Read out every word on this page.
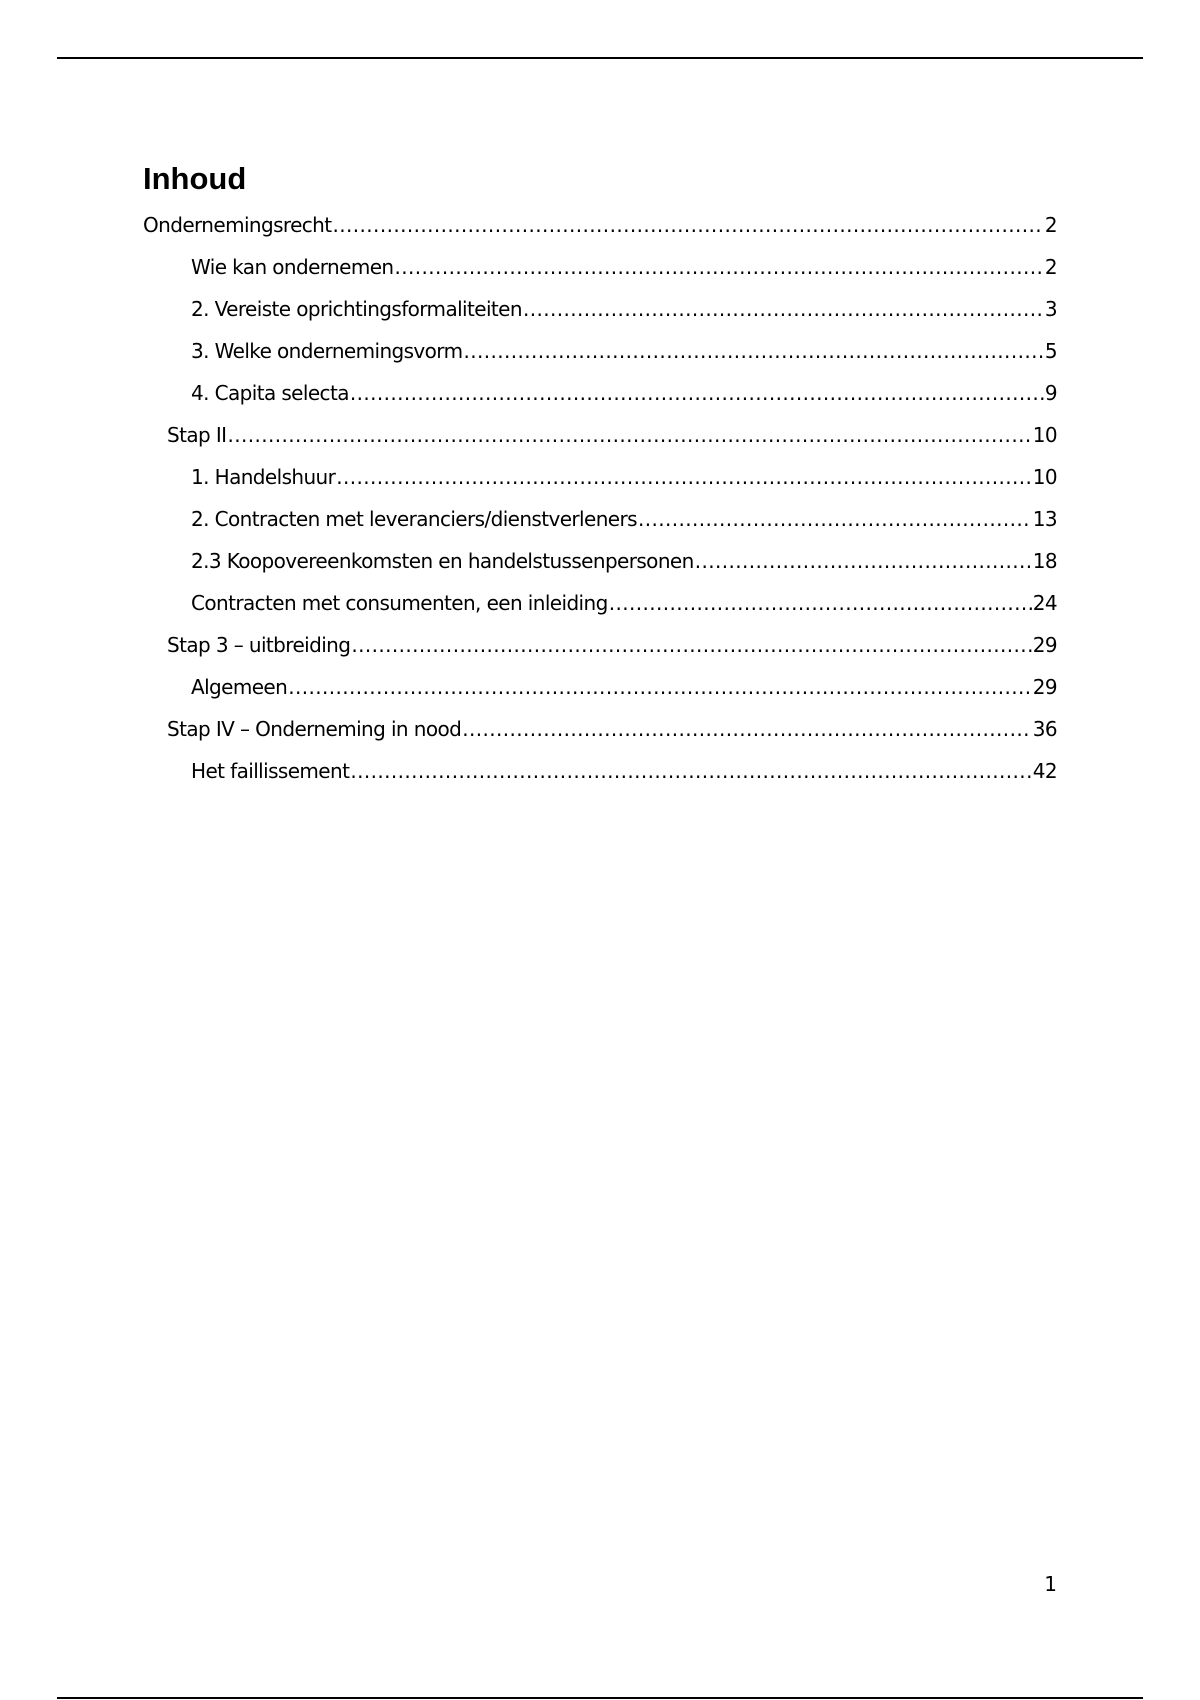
Inhoud
Ondernemingsrecht .....	2
Wie kan ondernemen .....	2
2. Vereiste oprichtingsformaliteiten .....	3
3. Welke ondernemingsvorm .....	5
4. Capita selecta .....	9
Stap II .....	10
1. Handelshuur .....	10
2. Contracten met leveranciers/dienstverleners .....	13
2.3 Koopovereenkomsten en handelstussenpersonen .....	18
Contracten met consumenten, een inleiding .....	24
Stap 3 – uitbreiding .....	29
Algemeen .....	29
Stap IV – Onderneming in nood .....	36
Het faillissement .....	42
1
